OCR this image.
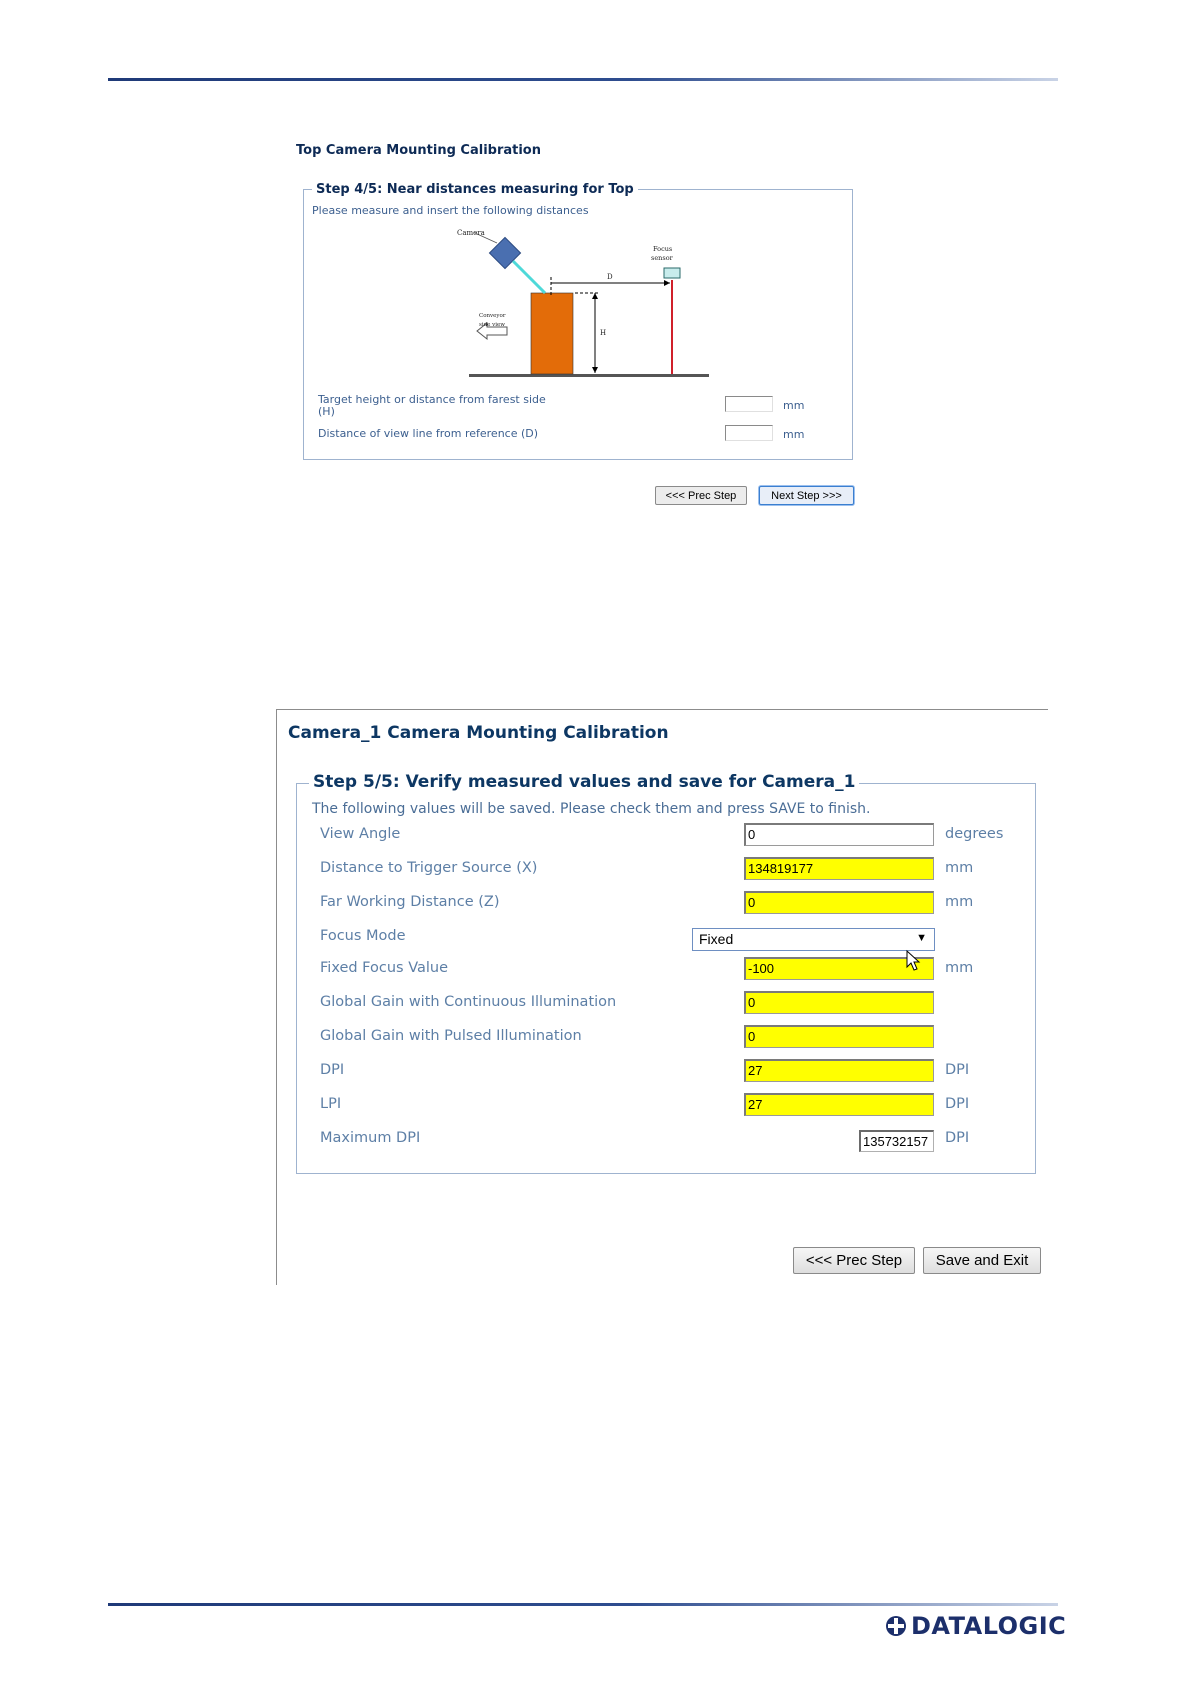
Top Camera Mounting Calibration
Step 4/5: Near distances measuring for Top
Please measure and insert the following distances
Camera
Focus
sensor
D
H
Conveyor
side view
Target height or distance from farest side
(H)	mm
Distance of view line from reference (D)	mm
<<< Prec Step	Next Step >>>
Camera_1 Camera Mounting Calibration
Step 5/5: Verify measured values and save for Camera_1
The following values will be saved. Please check them and press SAVE to finish.
View Angle	0	degrees
Distance to Trigger Source (X)	134819177	mm
Far Working Distance (Z)	0	mm
Focus Mode	Fixed	▼
Fixed Focus Value	-100	mm
Global Gain with Continuous Illumination	0
Global Gain with Pulsed Illumination	0
DPI	27	DPI
LPI	27	DPI
Maximum DPI	135732157	DPI
<<< Prec Step	Save and Exit
DATALOGIC
